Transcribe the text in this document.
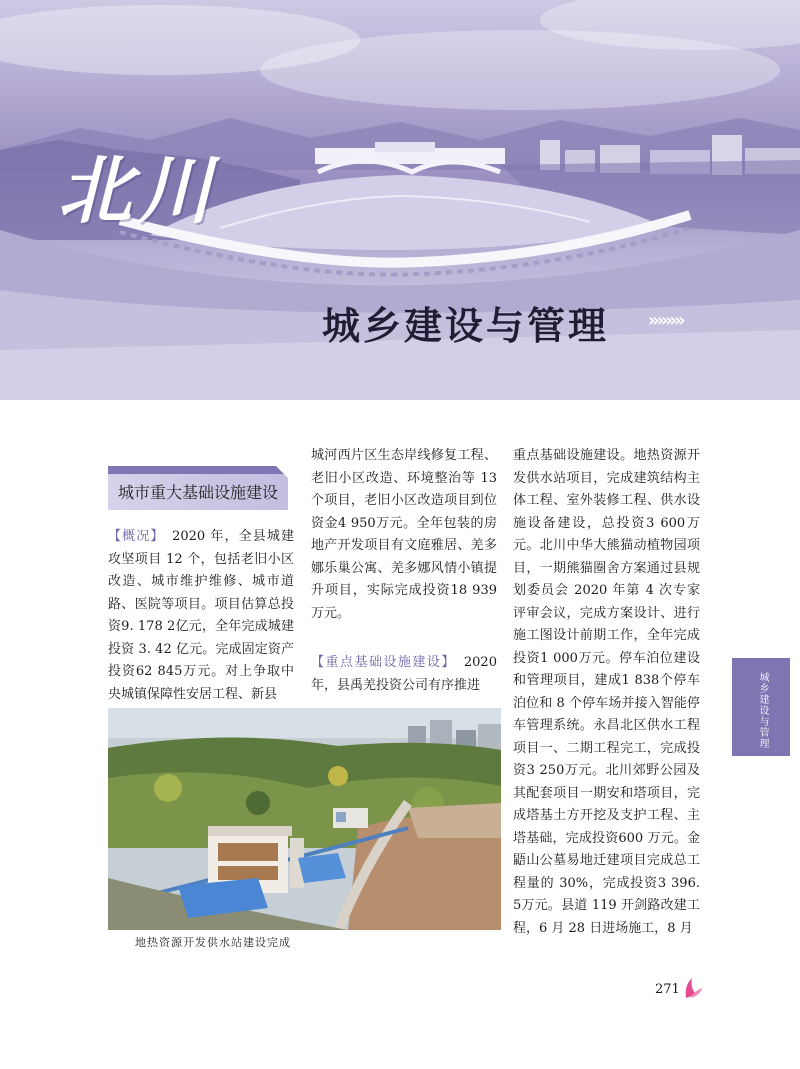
北川
城乡建设与管理 »»»»
城市重大基础设施建设

【概况】　 2020 年，全县城建攻坚项目 12 个，包括老旧小区改造、城市维护维修、城市道路、医院等项目。项目估算总投资9. 178 2亿元，全年完成城建投资 3. 42 亿元。完成固定资产投资62 845万元。对上争取中央城镇保障性安居工程、新县

城河西片区生态岸线修复工程、老旧小区改造、环境整治等 13 个项目，老旧小区改造项目到位资金4 950万元。全年包装的房地产开发项目有文庭雅居、羌多娜乐巢公寓、羌多娜风情小镇提升项目，实际完成投资18 939万元。

【重点基础设施建设】　 2020 年，县禹羌投资公司有序推进

重点基础设施建设。地热资源开发供水站项目，完成建筑结构主体工程、室外装修工程、供水设施设备建设，总投资3 600万元。北川中华大熊猫动植物园项目，一期熊猫圈舍方案通过县规划委员会 2020 年第 4 次专家评审会议，完成方案设计、进行施工图设计前期工作，全年完成投资1 000万元。停车泊位建设和管理项目，建成1 838个停车泊位和 8 个停车场并接入智能停车管理系统。永昌北区供水工程项目一、二期工程完工，完成投资3 250万元。北川郊野公园及其配套项目一期安和塔项目，完成塔基土方开挖及支护工程、主塔基础，完成投资600 万元。金鼯山公墓易地迁建项目完成总工程量的 30%，完成投资3 396. 5万元。县道 119 开剑路改建工程，6 月 28 日进场施工，8 月

地热资源开发供水站建设完成
城乡建设与管理
271
